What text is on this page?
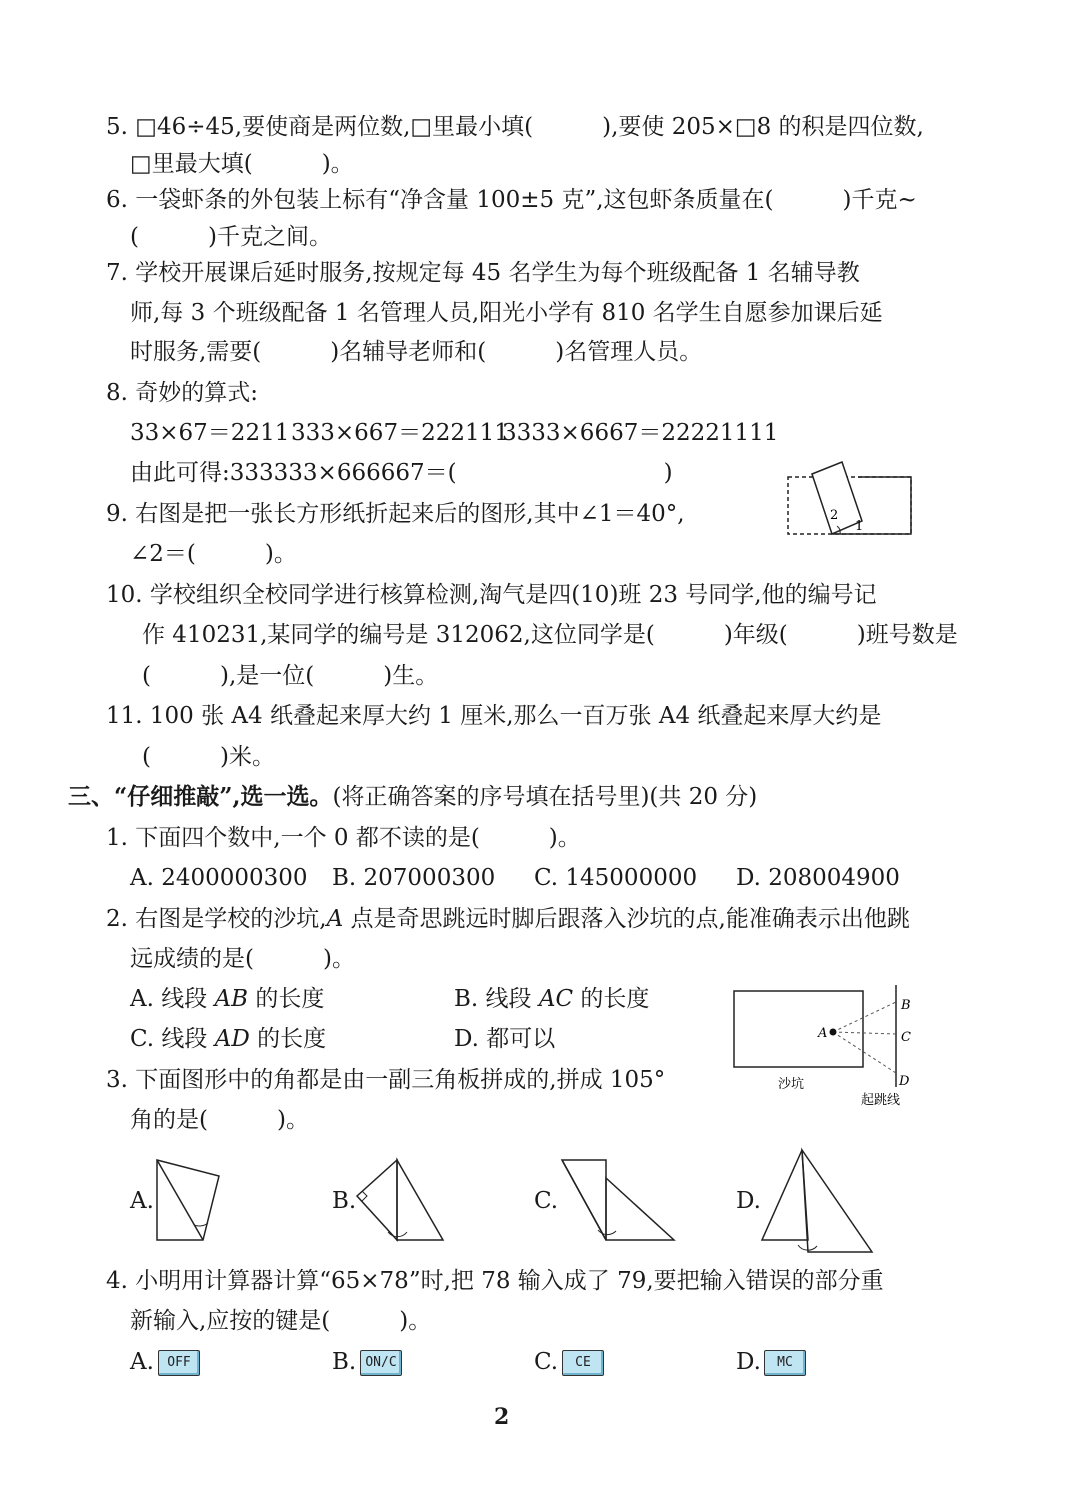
5. □46÷45,要使商是两位数,□里最小填(　　　),要使 205×□8 的积是四位数,
□里最大填(　　　)。
6. 一袋虾条的外包装上标有“净含量 100±5 克”,这包虾条质量在(　　　)千克~
(　　　)千克之间。
7. 学校开展课后延时服务,按规定每 45 名学生为每个班级配备 1 名辅导教
师,每 3 个班级配备 1 名管理人员,阳光小学有 810 名学生自愿参加课后延
时服务,需要(　　　)名辅导老师和(　　　)名管理人员。
8. 奇妙的算式:
33×67＝2211 333×667＝222111
3333×6667＝22221111
由此可得:333333×666667＝(　　　　　　　　　)
9. 右图是把一张长方形纸折起来后的图形,其中∠1＝40°,
∠2＝(　　　)。
2
1
10. 学校组织全校同学进行核算检测,淘气是四(10)班 23 号同学,他的编号记
作 410231,某同学的编号是 312062,这位同学是(　　　)年级(　　　)班号数是
(　　　),是一位(　　　)生。
11. 100 张 A4 纸叠起来厚大约 1 厘米,那么一百万张 A4 纸叠起来厚大约是
(　　　)米。
三、“仔细推敲”,选一选。(将正确答案的序号填在括号里)(共 20 分)
1. 下面四个数中,一个 0 都不读的是(　　　)。
A. 2400000300 B. 207000300 C. 145000000 D. 208004900
2. 右图是学校的沙坑,A 点是奇思跳远时脚后跟落入沙坑的点,能准确表示出他跳
远成绩的是(　　　)。
A. 线段 AB 的长度	B. 线段 AC 的长度
C. 线段 AD 的长度	D. 都可以	A
B
C
D
沙坑
起跳线
3. 下面图形中的角都是由一副三角板拼成的,拼成 105°
角的是(　　　)。
A.	B.	C.	D.
4. 小明用计算器计算“65×78”时,把 78 输入成了 79,要把输入错误的部分重
新输入,应按的键是(　　　)。
A.	OFF	B. ON/C	C.	CE	D.	MC
2
